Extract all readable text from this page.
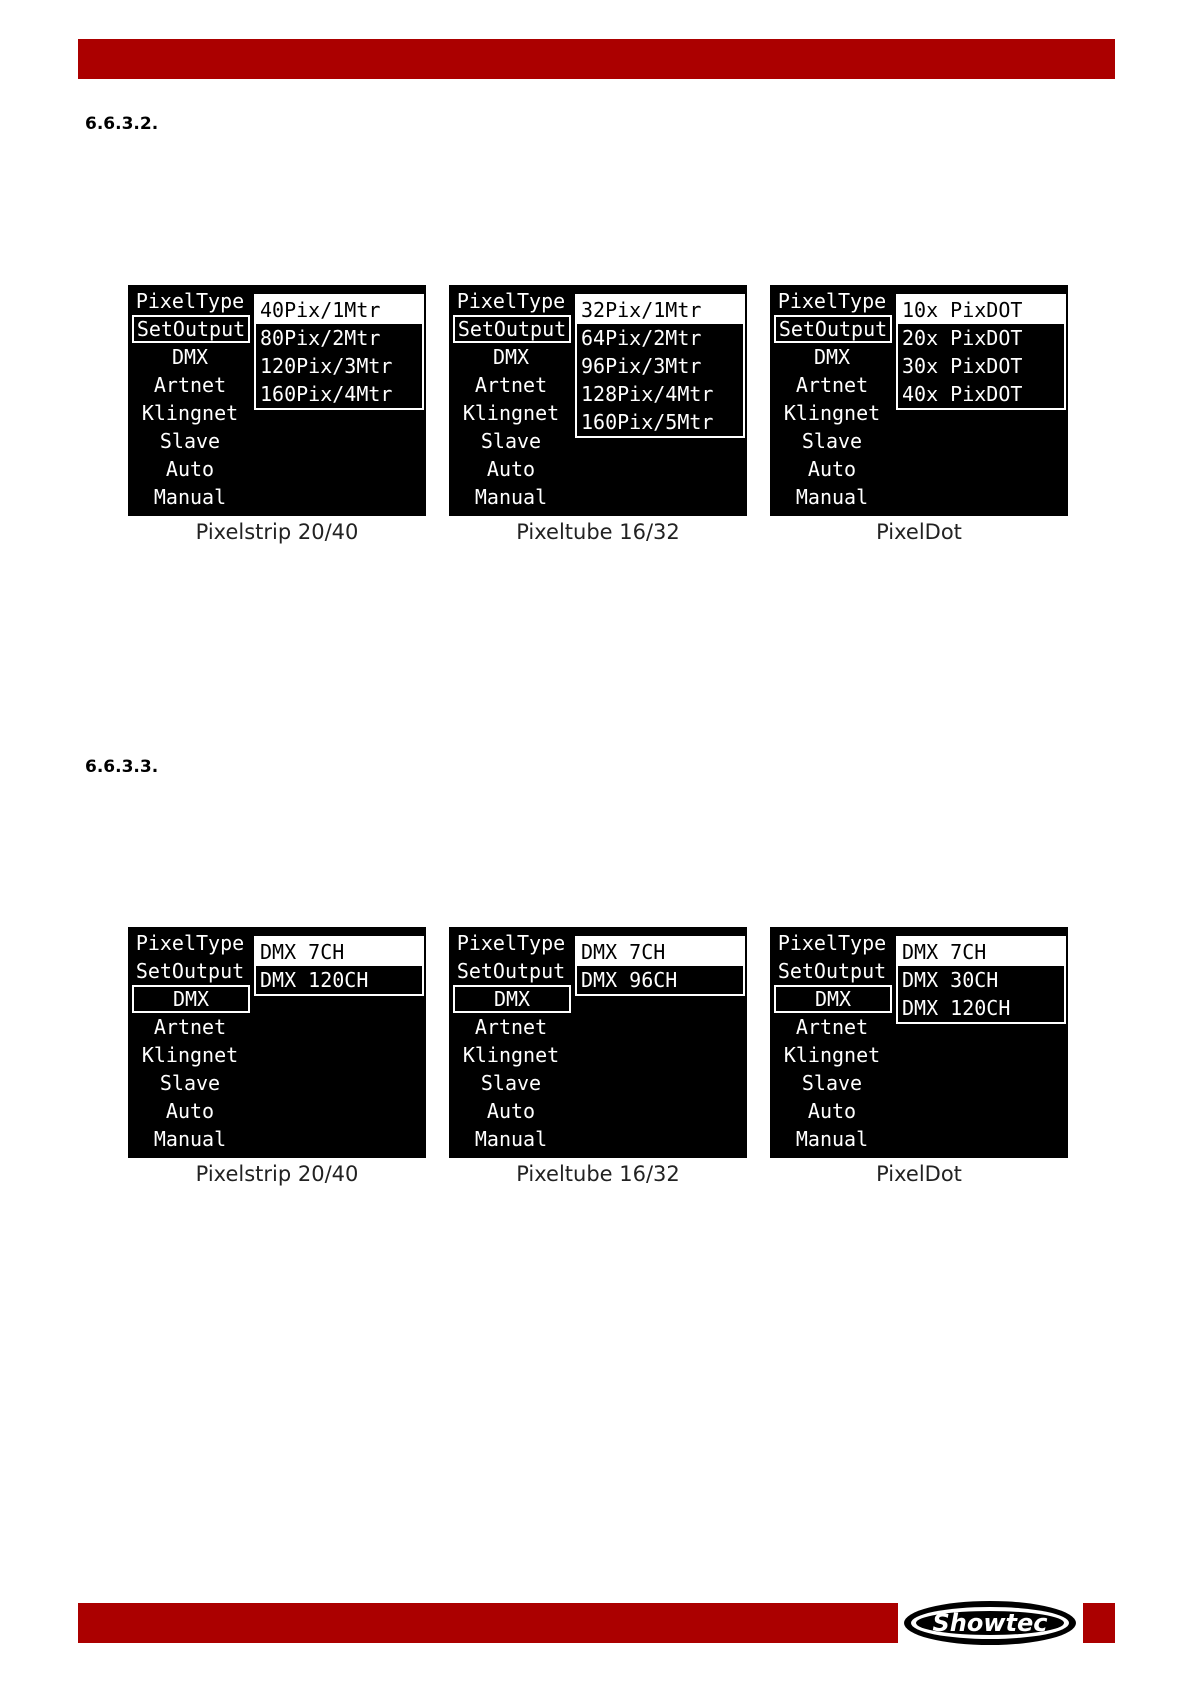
6.6.3.2.
6.6.3.3.
PixelType
SetOutput
DMX
Artnet
Klingnet
Slave
Auto
Manual
40Pix/1Mtr
80Pix/2Mtr
120Pix/3Mtr
160Pix/4Mtr
Pixelstrip 20/40
PixelType
SetOutput
DMX
Artnet
Klingnet
Slave
Auto
Manual
32Pix/1Mtr
64Pix/2Mtr
96Pix/3Mtr
128Pix/4Mtr
160Pix/5Mtr
Pixeltube 16/32
PixelType
SetOutput
DMX
Artnet
Klingnet
Slave
Auto
Manual
10x PixDOT
20x PixDOT
30x PixDOT
40x PixDOT
PixelDot
PixelType
SetOutput
DMX
Artnet
Klingnet
Slave
Auto
Manual
DMX 7CH
DMX 120CH
Pixelstrip 20/40
PixelType
SetOutput
DMX
Artnet
Klingnet
Slave
Auto
Manual
DMX 7CH
DMX 96CH
Pixeltube 16/32
PixelType
SetOutput
DMX
Artnet
Klingnet
Slave
Auto
Manual
DMX 7CH
DMX 30CH
DMX 120CH
PixelDot
Showtec
